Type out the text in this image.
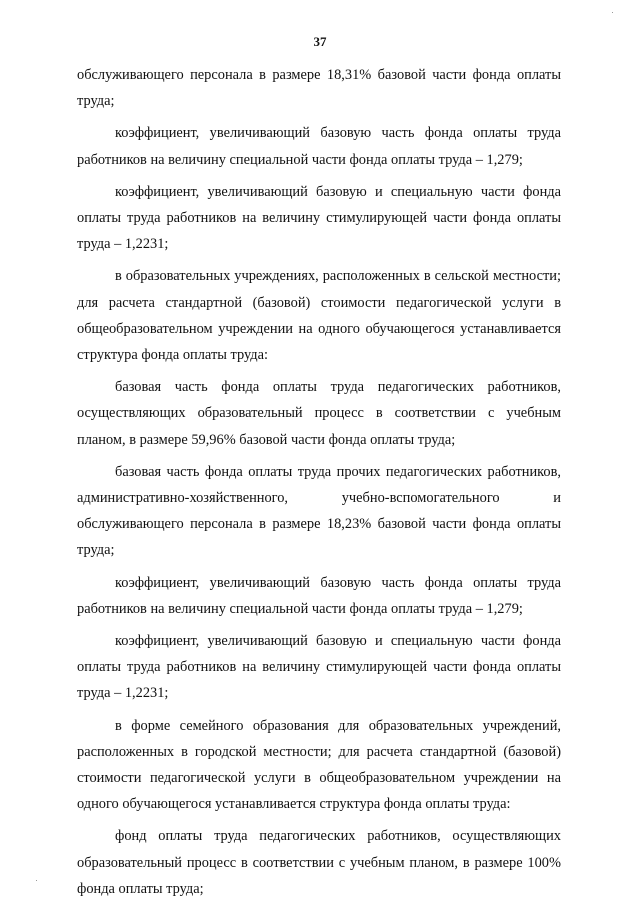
37

обслуживающего персонала в размере 18,31% базовой части фонда оплаты труда;

коэффициент, увеличивающий базовую часть фонда оплаты труда работников на величину специальной части фонда оплаты труда – 1,279;

коэффициент, увеличивающий базовую и специальную части фонда оплаты труда работников на величину стимулирующей части фонда оплаты труда – 1,2231;

в образовательных учреждениях, расположенных в сельской местности; для расчета стандартной (базовой) стоимости педагогической услуги в общеобразовательном учреждении на одного обучающегося устанавливается структура фонда оплаты труда:

базовая часть фонда оплаты труда педагогических работников, осуществляющих образовательный процесс в соответствии с учебным планом, в размере 59,96% базовой части фонда оплаты труда;

базовая часть фонда оплаты труда прочих педагогических работников, административно-хозяйственного, учебно-вспомогательного и обслуживающего персонала в размере 18,23% базовой части фонда оплаты труда;

коэффициент, увеличивающий базовую часть фонда оплаты труда работников на величину специальной части фонда оплаты труда – 1,279;

коэффициент, увеличивающий базовую и специальную части фонда оплаты труда работников на величину стимулирующей части фонда оплаты труда – 1,2231;

в форме семейного образования для образовательных учреждений, расположенных в городской местности; для расчета стандартной (базовой) стоимости педагогической услуги в общеобразовательном учреждении на одного обучающегося устанавливается структура фонда оплаты труда:

фонд оплаты труда педагогических работников, осуществляющих образовательный процесс в соответствии с учебным планом, в размере 100% фонда оплаты труда;
